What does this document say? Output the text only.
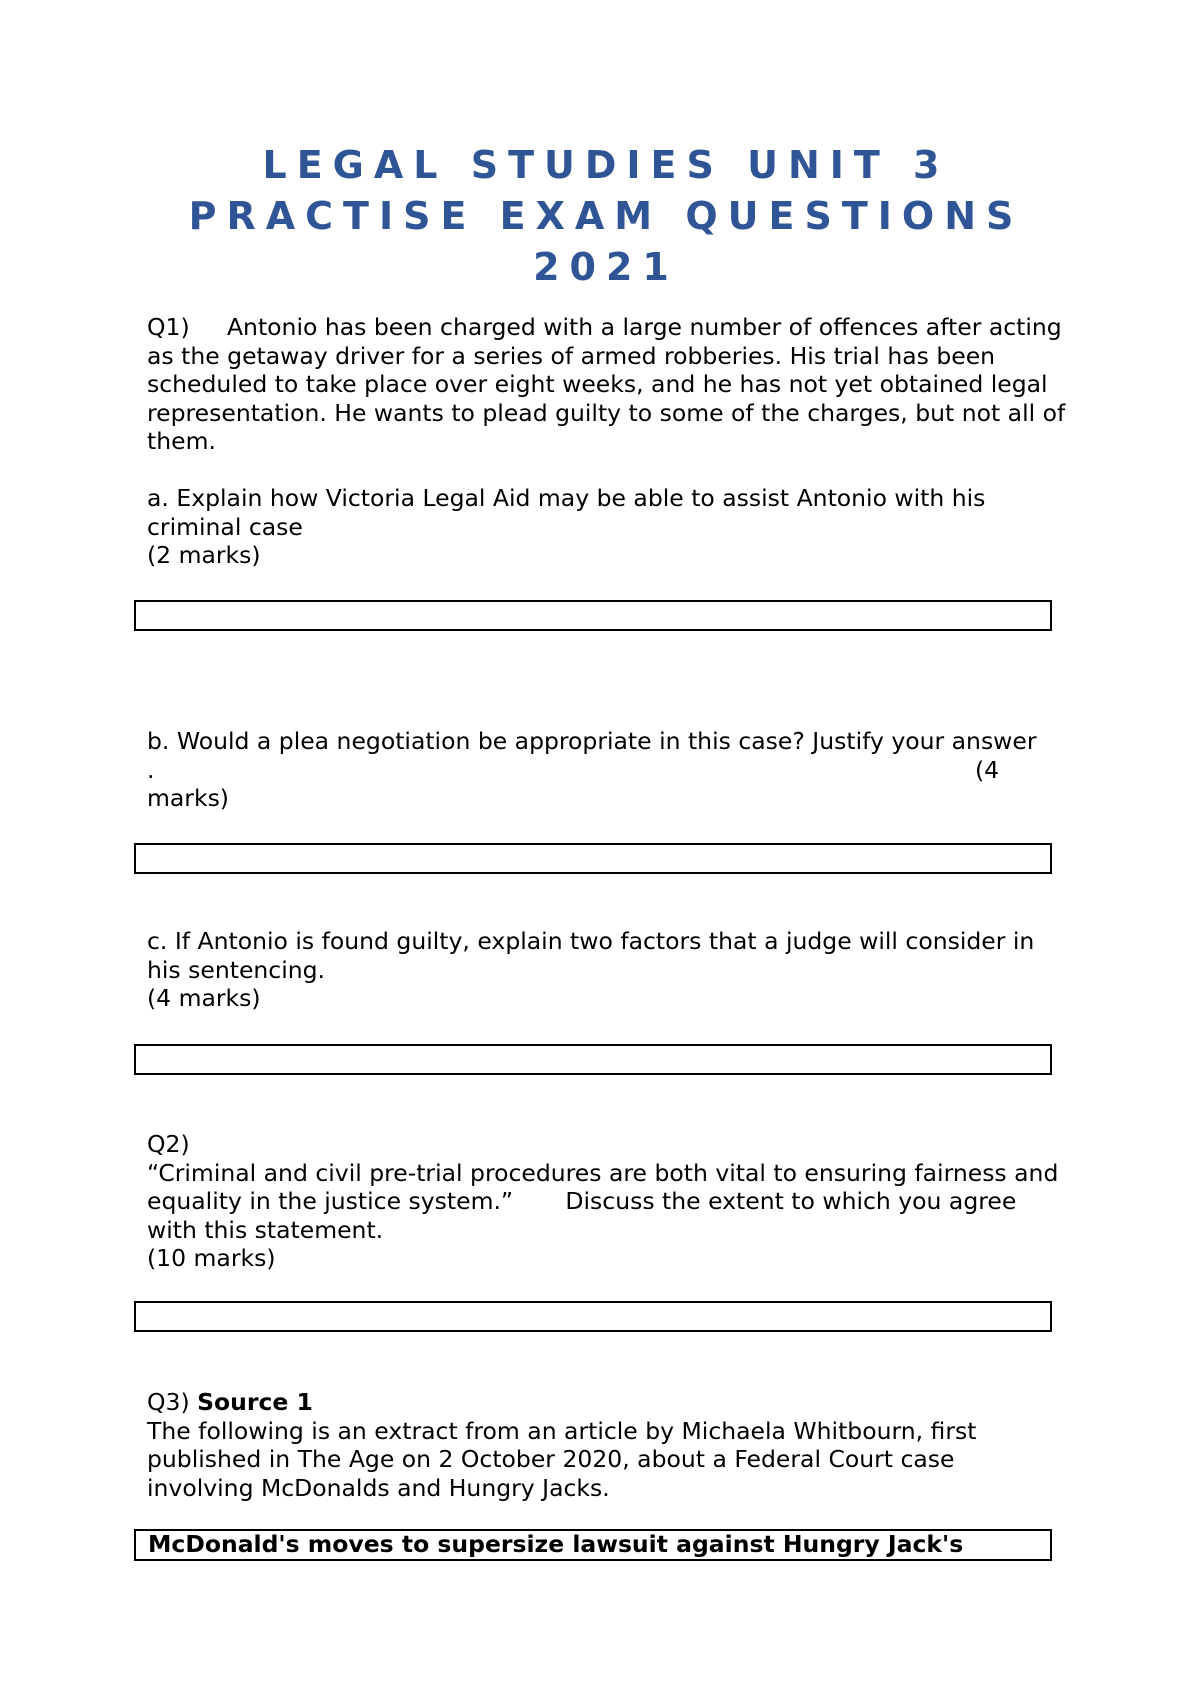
LEGAL STUDIES UNIT 3
PRACTISE EXAM QUESTIONS
2021
Q1) Antonio has been charged with a large number of offences after acting as the getaway driver for a series of armed robberies. His trial has been scheduled to take place over eight weeks, and he has not yet obtained legal representation. He wants to plead guilty to some of the charges, but not all of them.
a. Explain how Victoria Legal Aid may be able to assist Antonio with his criminal case
(2 marks)
b. Would a plea negotiation be appropriate in this case? Justify your answer
.	(4
marks)
c. If Antonio is found guilty, explain two factors that a judge will consider in his sentencing.
(4 marks)
Q2)
“Criminal and civil pre-trial procedures are both vital to ensuring fairness and equality in the justice system.” Discuss the extent to which you agree with this statement.
(10 marks)
Q3) Source 1
The following is an extract from an article by Michaela Whitbourn, first published in The Age on 2 October 2020, about a Federal Court case involving McDonalds and Hungry Jacks.
McDonald's moves to supersize lawsuit against Hungry Jack's
